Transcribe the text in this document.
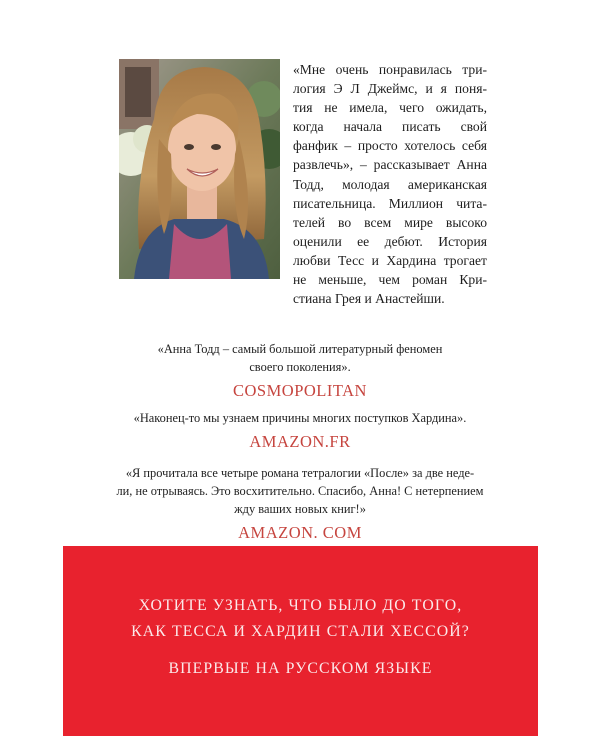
«Мне очень понравилась три-
логия Э Л Джеймс, и я поня-
тия не имела, чего ожидать,
когда начала писать свой
фанфик – просто хотелось себя
развлечь», – рассказывает Анна
Тодд, молодая американская
писательница. Миллион чита-
телей во всем мире высоко
оценили ее дебют. История
любви Тесс и Хардина трогает
не меньше, чем роман Кри-
стиана Грея и Анастейши.

«Анна Тодд – самый большой литературный феномен
своего поколения».

COSMOPOLITAN

«Наконец-то мы узнаем причины многих поступков Хардина».

AMAZON.FR

«Я прочитала все четыре романа тетралогии «После» за две неде-
ли, не отрываясь. Это восхитительно. Спасибо, Анна! С нетерпением
жду ваших новых книг!»

AMAZON. COM

ХОТИТЕ УЗНАТЬ, ЧТО БЫЛО ДО ТОГО,
КАК ТЕССА И ХАРДИН СТАЛИ ХЕССОЙ?
ВПЕРВЫЕ НА РУССКОМ ЯЗЫКЕ
